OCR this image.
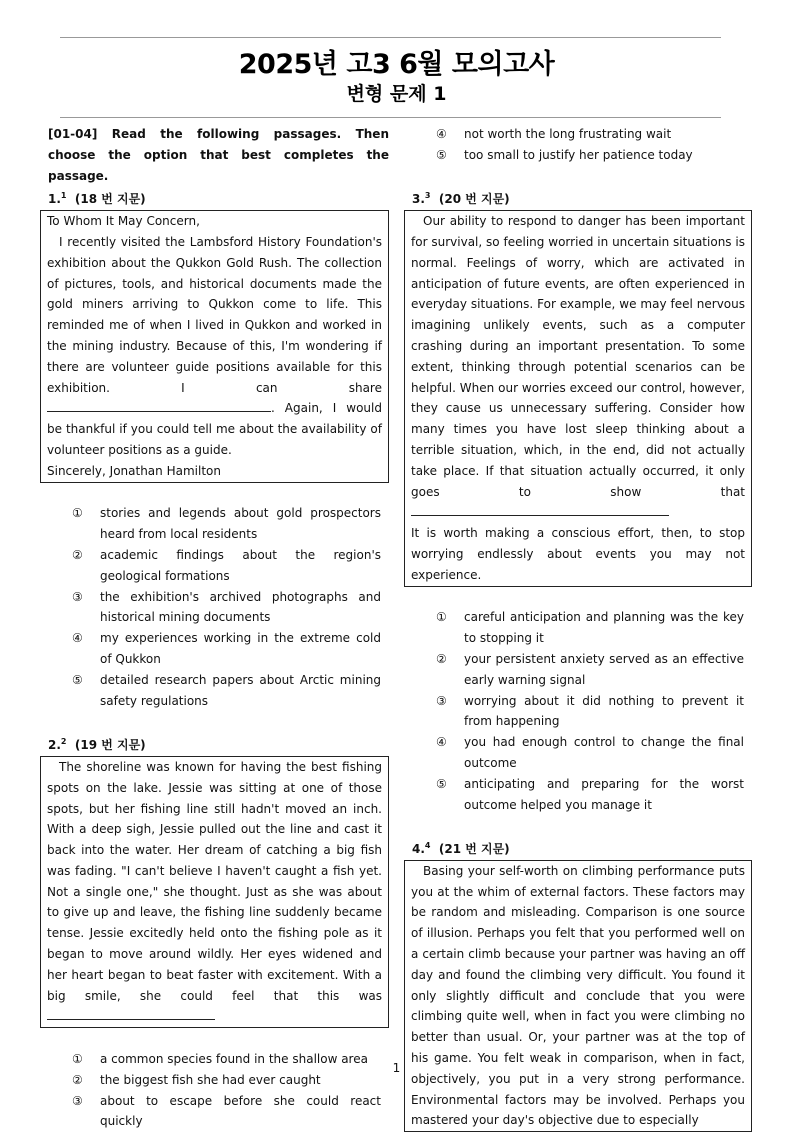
2025년 고3 6월 모의고사
변형 문제 1
[01-04] Read the following passages. Then choose the option that best completes the passage.
1.$^1$ (18 번 지문)

To Whom It May Concern,

I recently visited the Lambsford History Foundation's exhibition about the Qukkon Gold Rush. The collection of pictures, tools, and historical documents made the gold miners arriving to Qukkon come to life. This reminded me of when I lived in Qukkon and worked in the mining industry. Because of this, I'm wondering if there are volunteer guide positions available for this exhibition. I can share . Again, I would be thankful if you could tell me about the availability of volunteer positions as a guide.

Sincerely, Jonathan Hamilton

① stories and legends about gold prospectors heard from local residents
② academic findings about the region's geological formations
③ the exhibition's archived photographs and historical mining documents
④ my experiences working in the extreme cold of Qukkon
⑤ detailed research papers about Arctic mining safety regulations
2.$^2$ (19 번 지문)

The shoreline was known for having the best fishing spots on the lake. Jessie was sitting at one of those spots, but her fishing line still hadn't moved an inch. With a deep sigh, Jessie pulled out the line and cast it back into the water. Her dream of catching a big fish was fading. "I can't believe I haven't caught a fish yet. Not a single one," she thought. Just as she was about to give up and leave, the fishing line suddenly became tense. Jessie excitedly held onto the fishing pole as it began to move around wildly. Her eyes widened and her heart began to beat faster with excitement. With a big smile, she could feel that this was

① a common species found in the shallow area
② the biggest fish she had ever caught
③ about to escape before she could react quickly
④ not worth the long frustrating wait
⑤ too small to justify her patience today
3.$^3$ (20 번 지문)

Our ability to respond to danger has been important for survival, so feeling worried in uncertain situations is normal. Feelings of worry, which are activated in anticipation of future events, are often experienced in everyday situations. For example, we may feel nervous imagining unlikely events, such as a computer crashing during an important presentation. To some extent, thinking through potential scenarios can be helpful. When our worries exceed our control, however, they cause us unnecessary suffering. Consider how many times you have lost sleep thinking about a terrible situation, which, in the end, did not actually take place. If that situation actually occurred, it only goes to show that

It is worth making a conscious effort, then, to stop worrying endlessly about events you may not experience.

① careful anticipation and planning was the key to stopping it
② your persistent anxiety served as an effective early warning signal
③ worrying about it did nothing to prevent it from happening
④ you had enough control to change the final outcome
⑤ anticipating and preparing for the worst outcome helped you manage it
4.$^4$ (21 번 지문)

Basing your self-worth on climbing performance puts you at the whim of external factors. These factors may be random and misleading. Comparison is one source of illusion. Perhaps you felt that you performed well on a certain climb because your partner was having an off day and found the climbing very difficult. You found it only slightly difficult and conclude that you were climbing quite well, when in fact you were climbing no better than usual. Or, your partner was at the top of his game. You felt weak in comparison, when in fact, objectively, you put in a very strong performance. Environmental factors may be involved. Perhaps you mastered your day's objective due to especially

1
